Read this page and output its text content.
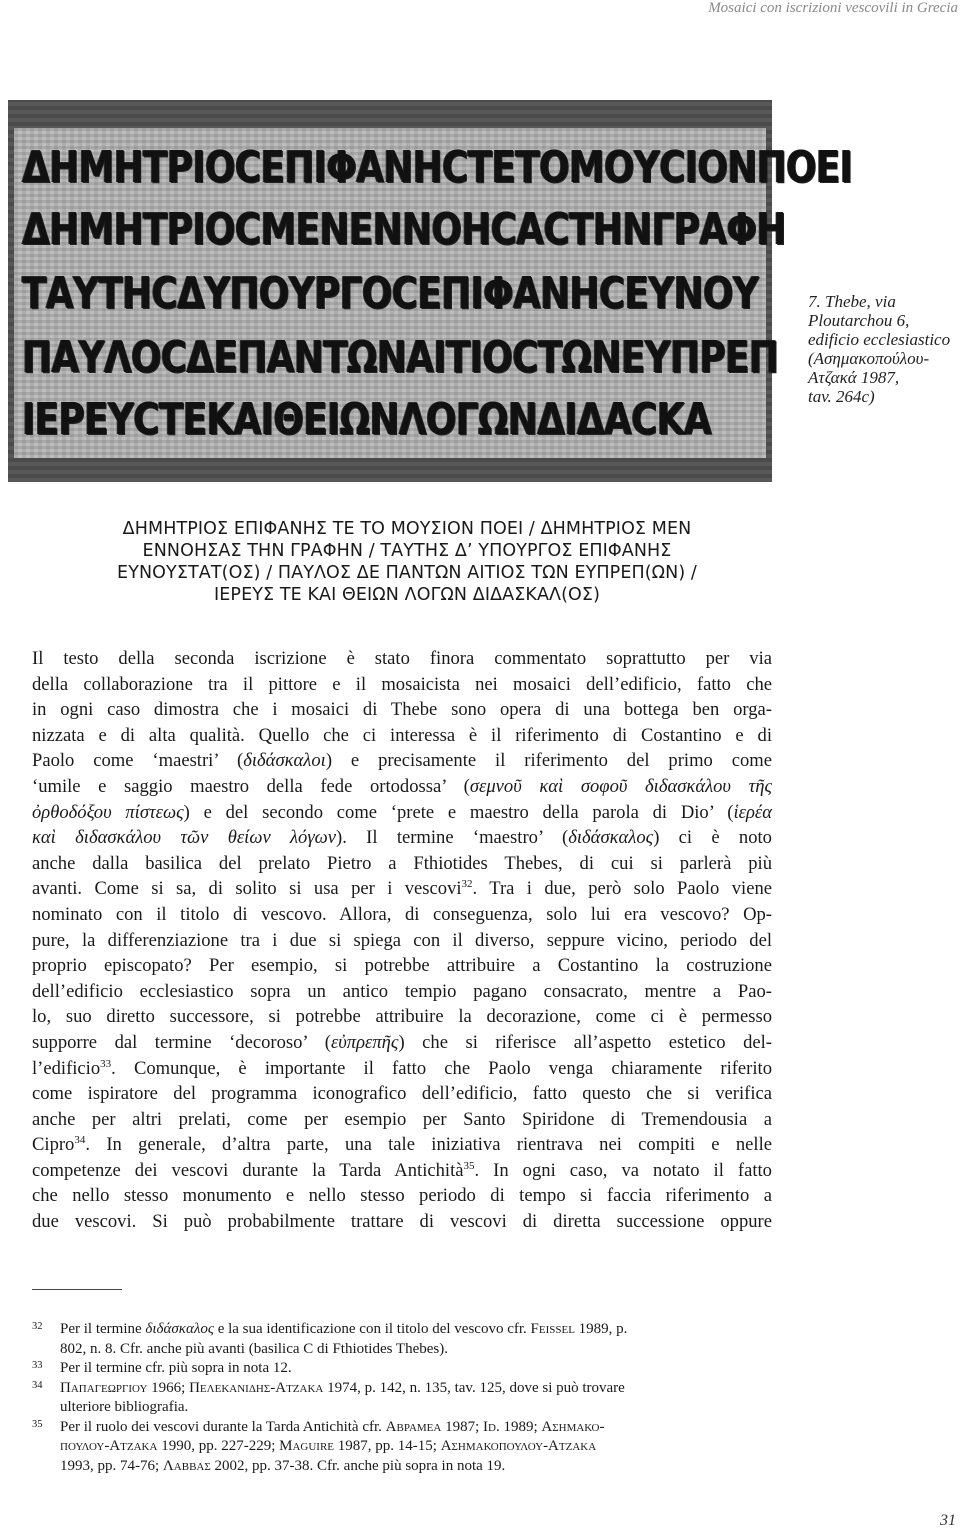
Mosaici con iscrizioni vescovili in Grecia
ΔΗΜΗΤΡΙΟCΕΠΙΦΑΝΗCΤΕΤΟΜΟΥCΙΟΝΠΟΕΙ
ΔΗΜΗΤΡΙΟCΜΕΝΕΝΝΟΗCΑCΤΗΝΓΡΑΦΗ
ΤΑΥΤΗCΔΥΠΟΥΡΓΟCΕΠΙΦΑΝΗCΕΥΝΟΥ
ΠΑΥΛΟCΔΕΠΑΝΤΩΝΑΙΤΙΟCΤΩΝΕΥΠΡΕΠ
ΙΕΡΕΥCΤΕΚΑΙΘΕΙΩΝΛΟΓΩΝΔΙΔΑCΚΑ
7. Thebe, via
Ploutarchou 6,
edificio ecclesiastico
(Ασημακοπούλου-
Ατζακά 1987,
tav. 264c)
ΔΗΜΗΤΡΙΟΣ ΕΠΙΦΑΝΗΣ ΤΕ ΤΟ ΜΟΥΣΙΟΝ ΠΟΕΙ / ΔΗΜΗΤΡΙΟΣ ΜΕΝ
ΕΝΝΟΗΣΑΣ ΤΗΝ ΓΡΑΦΗΝ / ΤΑΥΤΗΣ Δ’ ΥΠΟΥΡΓΟΣ ΕΠΙΦΑΝΗΣ
ΕΥΝΟΥΣΤΑΤ(ΟΣ) / ΠΑΥΛΟΣ ΔΕ ΠΑΝΤΩΝ ΑΙΤΙΟΣ ΤΩΝ ΕΥΠΡΕΠ(ΩΝ) /
ΙΕΡΕΥΣ ΤΕ ΚΑΙ ΘΕΙΩΝ ΛΟΓΩΝ ΔΙΔΑΣΚΑΛ(ΟΣ)
Il testo della seconda iscrizione è stato finora commentato soprattutto per via
della collaborazione tra il pittore e il mosaicista nei mosaici dell’edificio, fatto che
in ogni caso dimostra che i mosaici di Thebe sono opera di una bottega ben orga-
nizzata e di alta qualità. Quello che ci interessa è il riferimento di Costantino e di
Paolo come ‘maestri’ (διδάσκαλοι) e precisamente il riferimento del primo come
‘umile e saggio maestro della fede ortodossa’ (σεμνοῦ καὶ σοφοῦ διδασκάλου τῆς
ὀρθοδόξου πίστεως) e del secondo come ‘prete e maestro della parola di Dio’ (ἱερέα
καὶ διδασκάλου τῶν θείων λόγων). Il termine ‘maestro’ (διδάσκαλος) ci è noto
anche dalla basilica del prelato Pietro a Fthiotides Thebes, di cui si parlerà più
avanti. Come si sa, di solito si usa per i vescovi$^{32}$. Tra i due, però solo Paolo viene
nominato con il titolo di vescovo. Allora, di conseguenza, solo lui era vescovo? Op-
pure, la differenziazione tra i due si spiega con il diverso, seppure vicino, periodo del
proprio episcopato? Per esempio, si potrebbe attribuire a Costantino la costruzione
dell’edificio ecclesiastico sopra un antico tempio pagano consacrato, mentre a Pao-
lo, suo diretto successore, si potrebbe attribuire la decorazione, come ci è permesso
supporre dal termine ‘decoroso’ (εὐπρεπῆς) che si riferisce all’aspetto estetico del-
l’edificio$^{33}$. Comunque, è importante il fatto che Paolo venga chiaramente riferito
come ispiratore del programma iconografico dell’edificio, fatto questo che si verifica
anche per altri prelati, come per esempio per Santo Spiridone di Tremendousia a
Cipro$^{34}$. In generale, d’altra parte, una tale iniziativa rientrava nei compiti e nelle
competenze dei vescovi durante la Tarda Antichità$^{35}$. In ogni caso, va notato il fatto
che nello stesso monumento e nello stesso periodo di tempo si faccia riferimento a
due vescovi. Si può probabilmente trattare di vescovi di diretta successione oppure
32	Per il termine διδάσκαλος e la sua identificazione con il titolo del vescovo cfr. Feissel 1989, p.
802, n. 8. Cfr. anche più avanti (basilica C di Fthiotides Thebes).
33	Per il termine cfr. più sopra in nota 12.
34	Παπαγεωργιου 1966; Πελεκανιδης-Ατζακα 1974, p. 142, n. 135, tav. 125, dove si può trovare
ulteriore bibliografia.
35	Per il ruolo dei vescovi durante la Tarda Antichità cfr. Αβραμεα 1987; Id. 1989; Ασημακο-
πουλου-Ατζακα 1990, pp. 227-229; Maguire 1987, pp. 14-15; Ασημακοπουλου-Ατζακα
1993, pp. 74-76; Λαββας 2002, pp. 37-38. Cfr. anche più sopra in nota 19.
31
